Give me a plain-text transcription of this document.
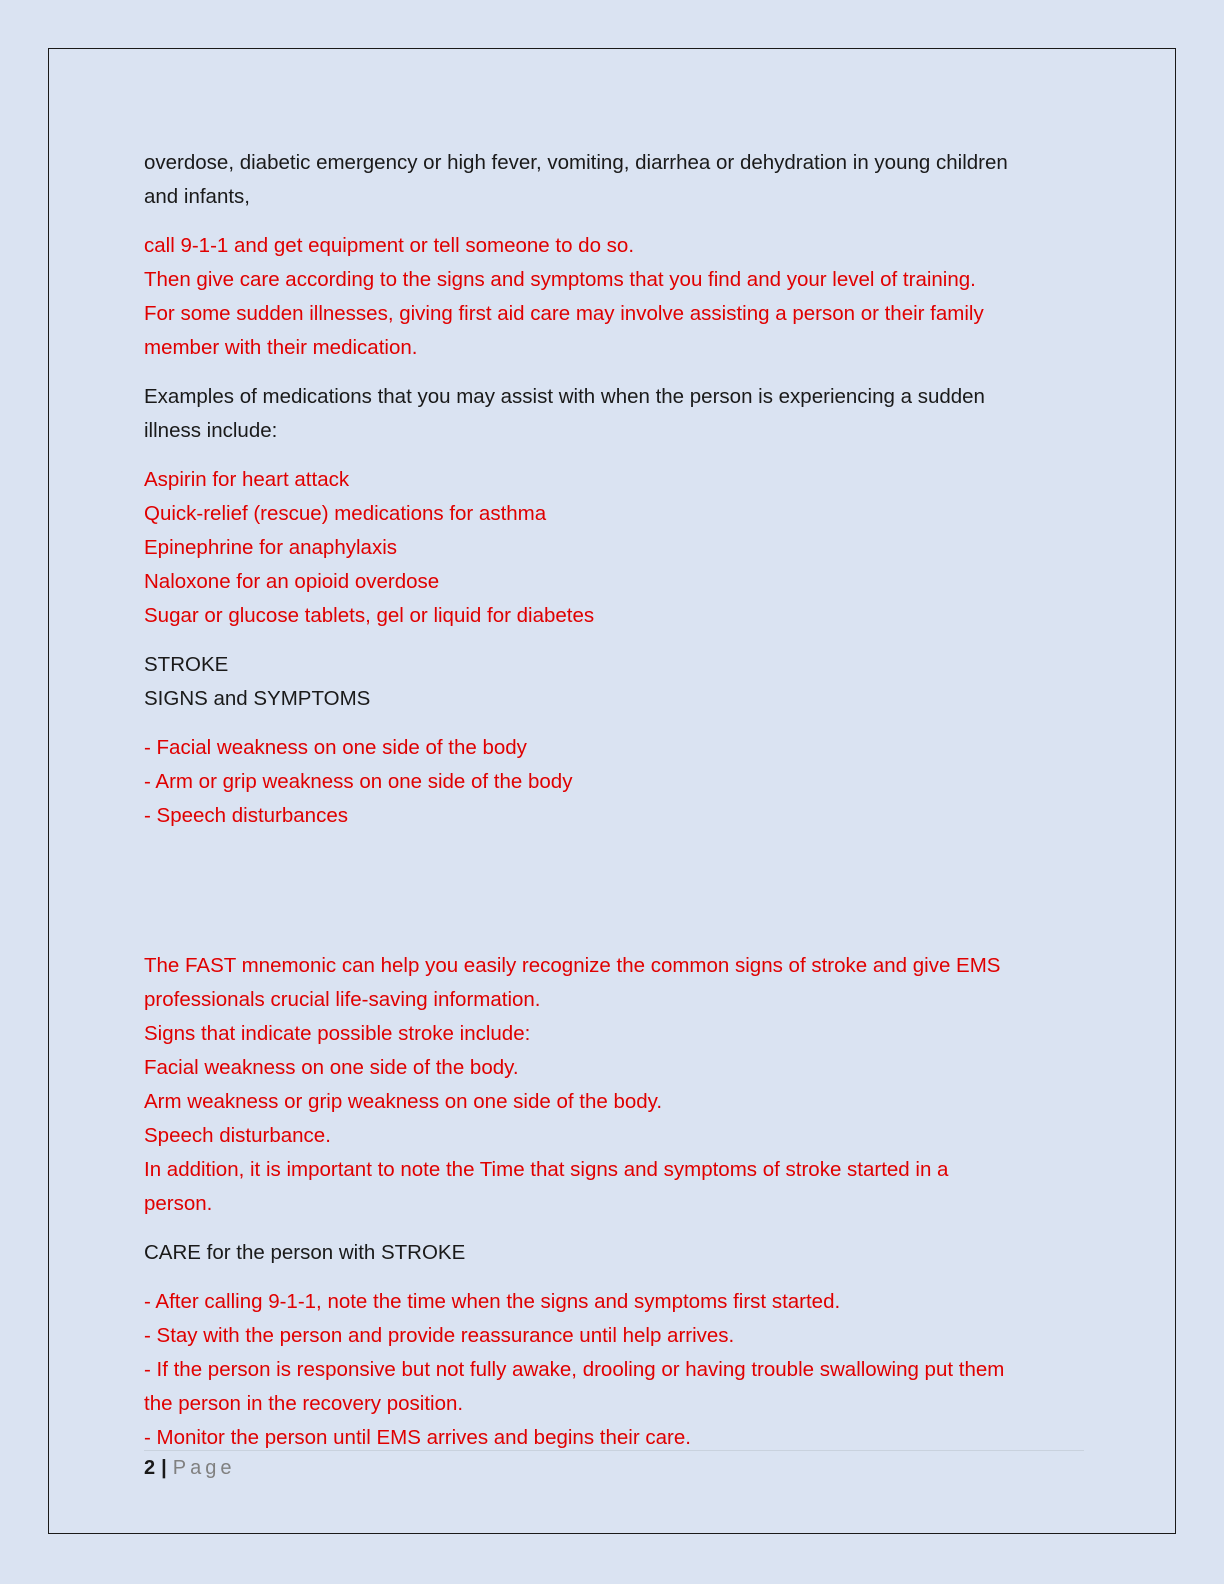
overdose, diabetic emergency or high fever, vomiting, diarrhea or dehydration in young children
and infants,
call 9-1-1 and get equipment or tell someone to do so.
Then give care according to the signs and symptoms that you find and your level of training.
For some sudden illnesses, giving first aid care may involve assisting a person or their family
member with their medication.
Examples of medications that you may assist with when the person is experiencing a sudden
illness include:
Aspirin for heart attack
Quick-relief (rescue) medications for asthma
Epinephrine for anaphylaxis
Naloxone for an opioid overdose
Sugar or glucose tablets, gel or liquid for diabetes
STROKE
SIGNS and SYMPTOMS
- Facial weakness on one side of the body
- Arm or grip weakness on one side of the body
- Speech disturbances
The FAST mnemonic can help you easily recognize the common signs of stroke and give EMS
professionals crucial life-saving information.
Signs that indicate possible stroke include:
Facial weakness on one side of the body.
Arm weakness or grip weakness on one side of the body.
Speech disturbance.
In addition, it is important to note the Time that signs and symptoms of stroke started in a
person.
CARE for the person with STROKE
- After calling 9-1-1, note the time when the signs and symptoms first started.
- Stay with the person and provide reassurance until help arrives.
- If the person is responsive but not fully awake, drooling or having trouble swallowing put them
the person in the recovery position.
- Monitor the person until EMS arrives and begins their care.
2 | Page
